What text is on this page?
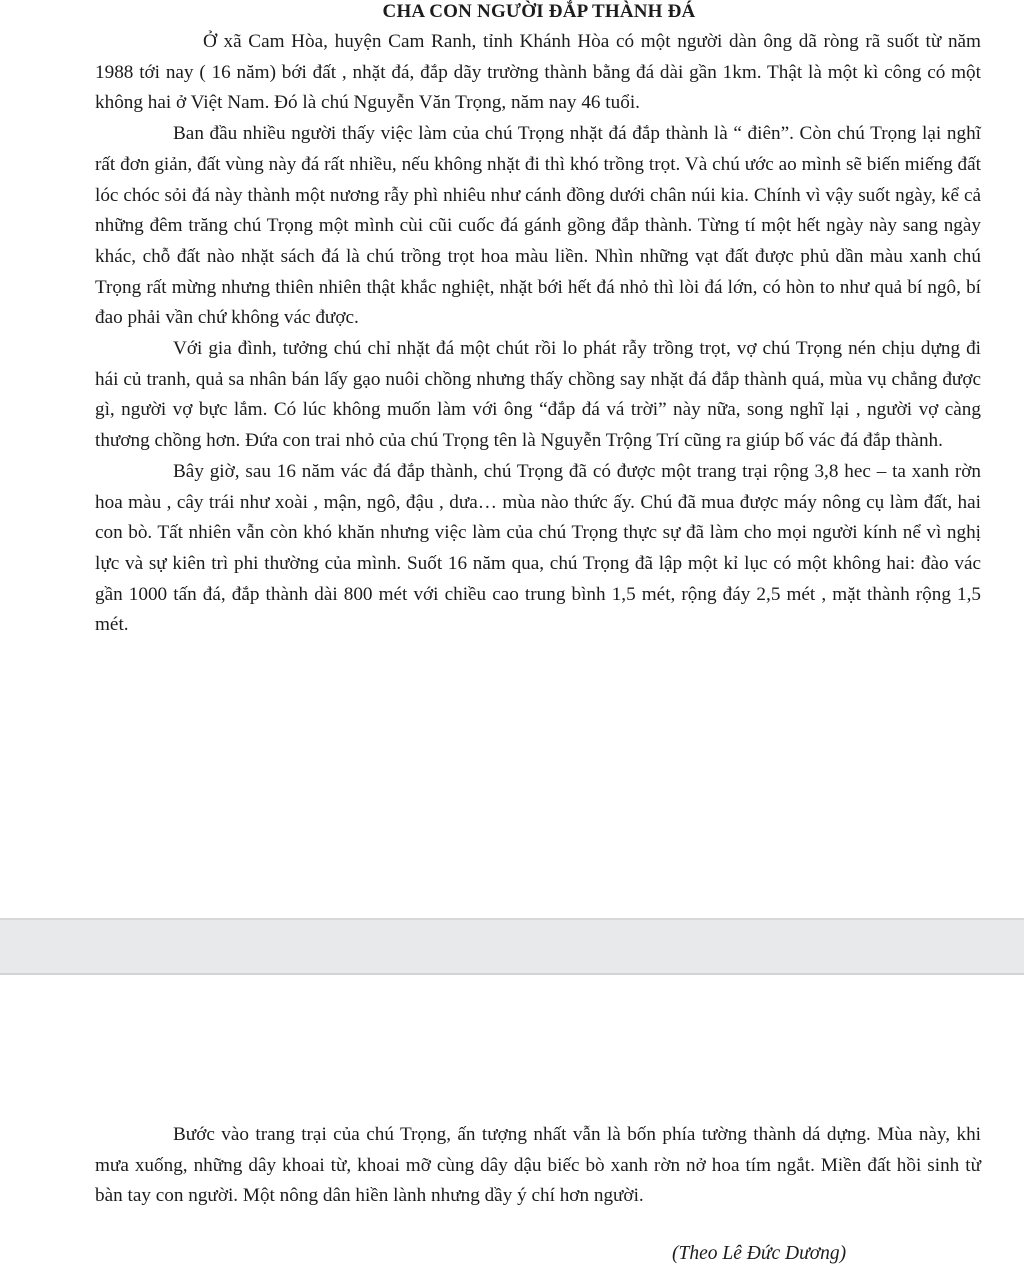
CHA CON NGƯỜI ĐẮP THÀNH ĐÁ

Ở xã Cam Hòa, huyện Cam Ranh, tỉnh Khánh Hòa có một người dàn ông dã ròng rã suốt từ năm 1988 tới nay ( 16 năm) bới đất , nhặt đá, đắp dãy trường thành bằng đá dài gần 1km. Thật là một kì công có một không hai ở Việt Nam. Đó là chú Nguyễn Văn Trọng, năm nay 46 tuổi.

Ban đầu nhiều người thấy việc làm của chú Trọng nhặt đá đắp thành là “ điên”. Còn chú Trọng lại nghĩ rất đơn giản, đất vùng này đá rất nhiều, nếu không nhặt đi thì khó trồng trọt. Và chú ước ao mình sẽ biến miếng đất lóc chóc sỏi đá này thành một nương rẫy phì nhiêu như cánh đồng dưới chân núi kia. Chính vì vậy suốt ngày, kể cả những đêm trăng chú Trọng một mình cùi cũi cuốc đá gánh gồng đắp thành. Từng tí một hết ngày này sang ngày khác, chỗ đất nào nhặt sách đá là chú trồng trọt hoa màu liền. Nhìn những vạt đất được phủ dần màu xanh chú Trọng rất mừng nhưng thiên nhiên thật khắc nghiệt, nhặt bới hết đá nhỏ thì lòi đá lớn, có hòn to như quả bí ngô, bí đao phải vần chứ không vác được.

Với gia đình, tưởng chú chỉ nhặt đá một chút rồi lo phát rẫy trồng trọt, vợ chú Trọng nén chịu dựng đi hái củ tranh, quả sa nhân bán lấy gạo nuôi chồng nhưng thấy chồng say nhặt đá đắp thành quá, mùa vụ chẳng được gì, người vợ bực lắm. Có lúc không muốn làm với ông “đắp đá vá trời” này nữa, song nghĩ lại , người vợ càng thương chồng hơn. Đứa con trai nhỏ của chú Trọng tên là Nguyễn Trộng Trí cũng ra giúp bố vác đá đắp thành.

Bây giờ, sau 16 năm vác đá đắp thành, chú Trọng đã có được một trang trại rộng 3,8 hec – ta xanh rờn hoa màu , cây trái như xoài , mận, ngô, đậu , dưa… mùa nào thức ấy. Chú đã mua được máy nông cụ làm đất, hai con bò. Tất nhiên vẫn còn khó khăn nhưng việc làm của chú Trọng thực sự đã làm cho mọi người kính nể vì nghị lực và sự kiên trì phi thường của mình. Suốt 16 năm qua, chú Trọng đã lập một kỉ lục có một không hai: đào vác gần 1000 tấn đá, đắp thành dài 800 mét với chiều cao trung bình 1,5 mét, rộng đáy 2,5 mét , mặt thành rộng 1,5 mét.

Bước vào trang trại của chú Trọng, ấn tượng nhất vẫn là bốn phía tường thành dá dựng. Mùa này, khi mưa xuống, những dây khoai từ, khoai mỡ cùng dây dậu biếc bò xanh rờn nở hoa tím ngắt. Miền đất hồi sinh từ bàn tay con người. Một nông dân hiền lành nhưng dầy ý chí hơn người.

(Theo Lê Đức Dương)
